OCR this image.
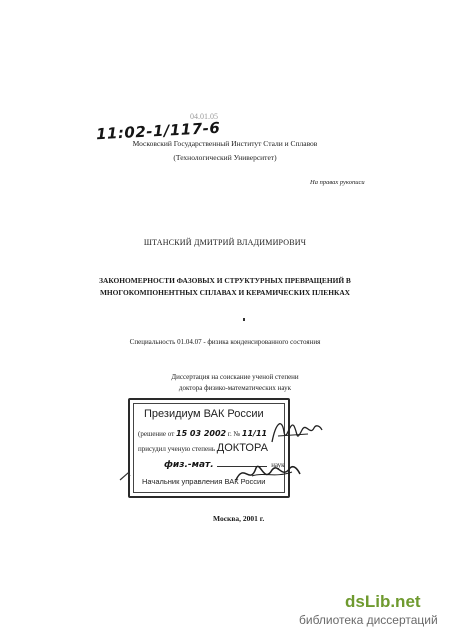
04.01.05
11:02-1/117-6
Московский Государственный Институт Стали и Сплавов
(Технологический Университет)
На правах рукописи
ШТАНСКИЙ ДМИТРИЙ ВЛАДИМИРОВИЧ
ЗАКОНОМЕРНОСТИ ФАЗОВЫХ И СТРУКТУРНЫХ ПРЕВРАЩЕНИЙ В
МНОГОКОМПОНЕНТНЫХ СПЛАВАХ И КЕРАМИЧЕСКИХ ПЛЕНКАХ
Специальность 01.04.07 - физика конденсированного состояния
Диссертация на соискание ученой степени
доктора физико-математических наук
Президиум ВАК России
(решение от 15 03 2002 г. № 11/11
присудил ученую степень ДОКТОРА
физ.-мат.	наук
Начальник управления ВАК России
Москва, 2001 г.
dsLib.net
библиотека диссертаций
